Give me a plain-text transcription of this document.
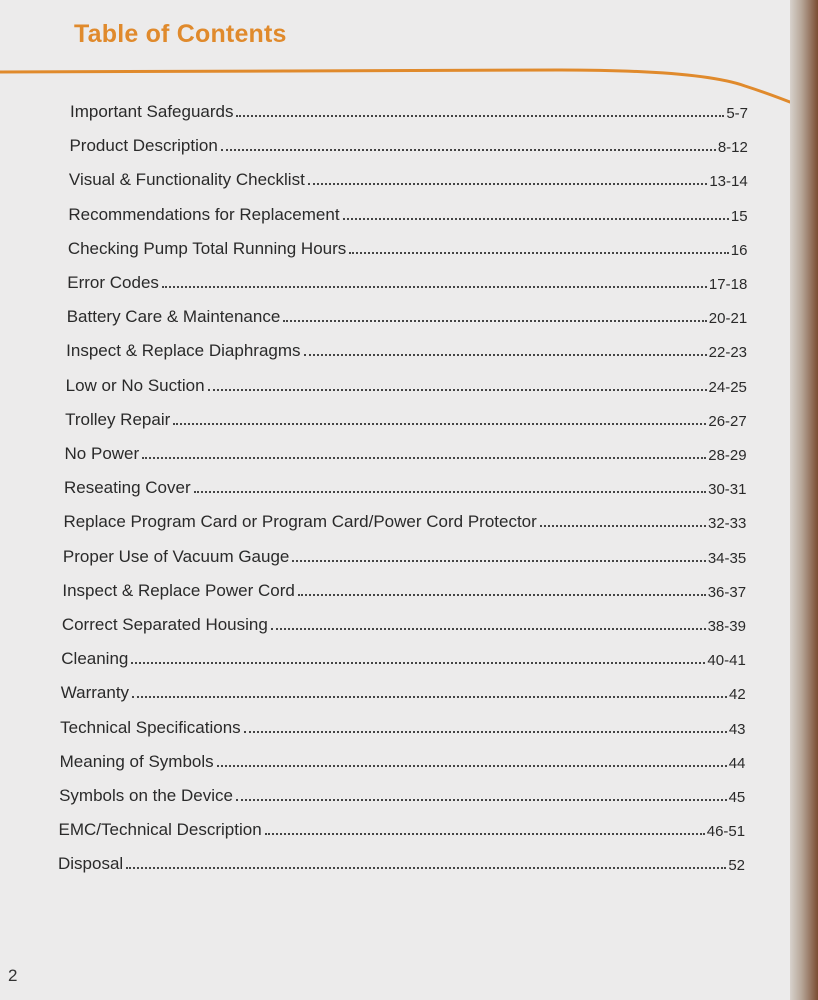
Table of Contents
Important Safeguards	5-7
Product Description	8-12
Visual & Functionality Checklist	13-14
Recommendations for Replacement	15
Checking Pump Total Running Hours	16
Error Codes	17-18
Battery Care & Maintenance	20-21
Inspect & Replace Diaphragms	22-23
Low or No Suction	24-25
Trolley Repair	26-27
No Power	28-29
Reseating Cover	30-31
Replace Program Card or Program Card/Power Cord Protector	32-33
Proper Use of Vacuum Gauge	34-35
Inspect & Replace Power Cord	36-37
Correct Separated Housing	38-39
Cleaning	40-41
Warranty	42
Technical Specifications	43
Meaning of Symbols	44
Symbols on the Device	45
EMC/Technical Description	46-51
Disposal	52
2
